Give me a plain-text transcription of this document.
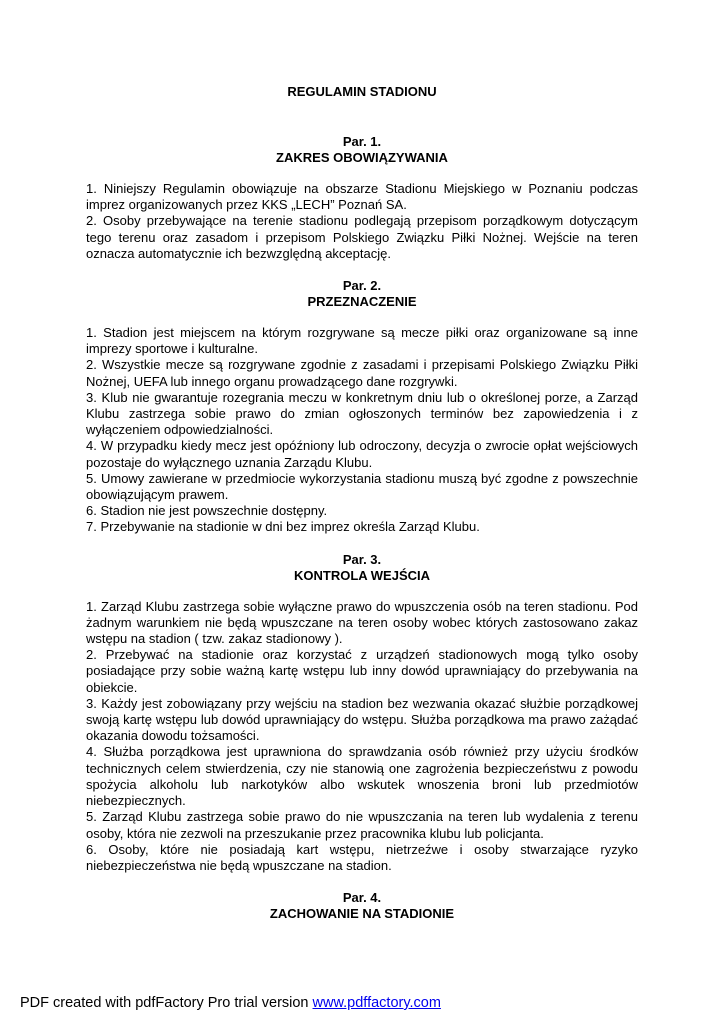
REGULAMIN STADIONU
Par. 1.
ZAKRES OBOWIĄZYWANIA

1. Niniejszy Regulamin obowiązuje na obszarze Stadionu Miejskiego w Poznaniu podczas imprez organizowanych przez KKS „LECH” Poznań SA.

2. Osoby przebywające na terenie stadionu podlegają przepisom porządkowym dotyczącym tego terenu oraz zasadom i przepisom Polskiego Związku Piłki Nożnej. Wejście na teren oznacza automatycznie ich bezwzględną akceptację.

Par. 2.
PRZEZNACZENIE

1. Stadion jest miejscem na którym rozgrywane są mecze piłki oraz organizowane są inne imprezy sportowe i kulturalne.

2. Wszystkie mecze są rozgrywane zgodnie z zasadami i przepisami Polskiego Związku Piłki Nożnej, UEFA lub innego organu prowadzącego dane rozgrywki.

3. Klub nie gwarantuje rozegrania meczu w konkretnym dniu lub o określonej porze, a Zarząd Klubu zastrzega sobie prawo do zmian ogłoszonych terminów bez zapowiedzenia i z wyłączeniem odpowiedzialności.

4. W przypadku kiedy mecz jest opóźniony lub odroczony, decyzja o zwrocie opłat wejściowych pozostaje do wyłącznego uznania Zarządu Klubu.

5. Umowy zawierane w przedmiocie wykorzystania stadionu muszą być zgodne z powszechnie obowiązującym prawem.

6. Stadion nie jest powszechnie dostępny.

7. Przebywanie na stadionie w dni bez imprez określa Zarząd Klubu.

Par. 3.
KONTROLA WEJŚCIA

1. Zarząd Klubu zastrzega sobie wyłączne prawo do wpuszczenia osób na teren stadionu. Pod żadnym warunkiem nie będą wpuszczane na teren osoby wobec których zastosowano zakaz wstępu na stadion ( tzw. zakaz stadionowy ).

2. Przebywać na stadionie oraz korzystać z urządzeń stadionowych mogą tylko osoby posiadające przy sobie ważną kartę wstępu lub inny dowód uprawniający do przebywania na obiekcie.

3. Każdy jest zobowiązany przy wejściu na stadion bez wezwania okazać służbie porządkowej swoją kartę wstępu lub dowód uprawniający do wstępu. Służba porządkowa ma prawo zażądać okazania dowodu tożsamości.

4. Służba porządkowa jest uprawniona do sprawdzania osób również przy użyciu środków technicznych celem stwierdzenia, czy nie stanowią one zagrożenia bezpieczeństwu z powodu spożycia alkoholu lub narkotyków albo wskutek wnoszenia broni lub przedmiotów niebezpiecznych.

5. Zarząd Klubu zastrzega sobie prawo do nie wpuszczania na teren lub wydalenia z terenu osoby, która nie zezwoli na przeszukanie przez pracownika klubu lub policjanta.

6. Osoby, które nie posiadają kart wstępu, nietrzeźwe i osoby stwarzające ryzyko niebezpieczeństwa nie będą wpuszczane na stadion.

Par. 4.
ZACHOWANIE NA STADIONIE
PDF created with pdfFactory Pro trial version www.pdffactory.com
